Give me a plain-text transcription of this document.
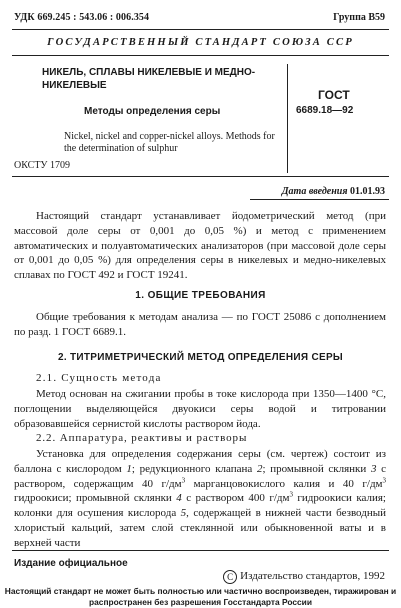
УДК 669.245 : 543.06 : 006.354	Группа В59
ГОСУДАРСТВЕННЫЙ СТАНДАРТ СОЮЗА ССР
НИКЕЛЬ, СПЛАВЫ НИКЕЛЕВЫЕ И МЕДНО-НИКЕЛЕВЫЕ
Методы определения серы
ГОСТ
6689.18—92
Nickel, nickel and copper-nickel alloys. Methods for the determination of sulphur
ОКСТУ 1709
Дата введения 01.01.93
Настоящий стандарт устанавливает йодометрический метод (при массовой доле серы от 0,001 до 0,05 %) и метод с применением автоматических и полуавтоматических анализаторов (при массовой доле серы от 0,001 до 0,05 %) для определения серы в никелевых и медно-никелевых сплавах по ГОСТ 492 и ГОСТ 19241.
1. ОБЩИЕ ТРЕБОВАНИЯ
Общие требования к методам анализа — по ГОСТ 25086 с дополнением по разд. 1 ГОСТ 6689.1.
2. ТИТРИМЕТРИЧЕСКИЙ МЕТОД ОПРЕДЕЛЕНИЯ СЕРЫ
2.1. Сущность метода
Метод основан на сжигании пробы в токе кислорода при 1350—1400 °С, поглощении выделяющейся двуокиси серы водой и титровании образовавшейся сернистой кислоты раствором йода.
2.2. Аппаратура, реактивы и растворы
Установка для определения содержания серы (см. чертеж) состоит из баллона с кислородом 1; редукционного клапана 2; промывной склянки 3 с раствором, содержащим 40 $г/дм^3$ марганцовокислого калия и 40 $г/дм^3$ гидроокиси; промывной склянки 4 с раствором 400 $г/дм^3$ гидроокиси калия; колонки для осушения кислорода 5, содержащей в нижней части безводный хлористый кальций, затем слой стеклянной или обыкновенной ваты и в верхней части
Издание официальное
C Издательство стандартов, 1992
Настоящий стандарт не может быть полностью или частично воспроизведен, тиражирован и распространен без разрешения Госстандарта России
